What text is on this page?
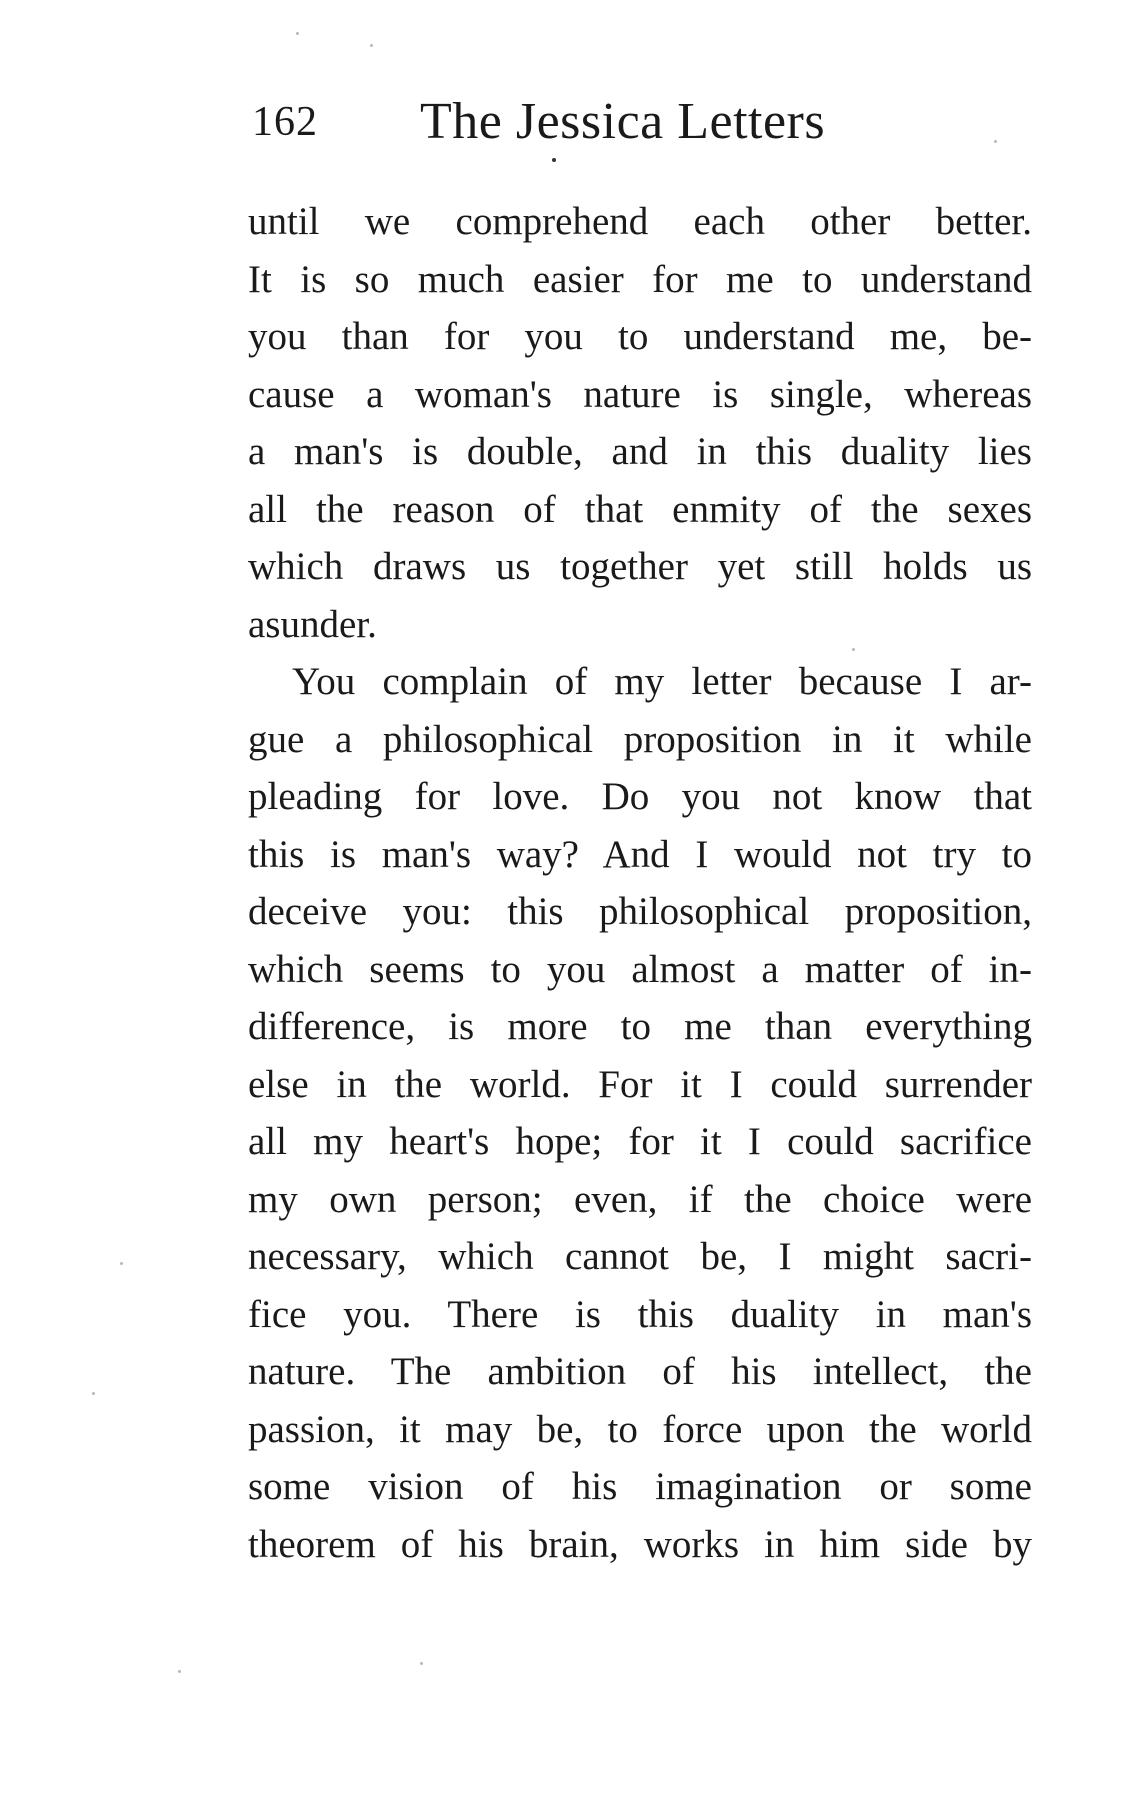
162 The Jessica Letters
until we comprehend each other better.
It is so much easier for me to understand
you than for you to understand me, be-
cause a woman's nature is single, whereas
a man's is double, and in this duality lies
all the reason of that enmity of the sexes
which draws us together yet still holds us
asunder.
You complain of my letter because I ar-
gue a philosophical proposition in it while
pleading for love. Do you not know that
this is man's way? And I would not try to
deceive you: this philosophical proposition,
which seems to you almost a matter of in-
difference, is more to me than everything
else in the world. For it I could surrender
all my heart's hope; for it I could sacrifice
my own person; even, if the choice were
necessary, which cannot be, I might sacri-
fice you. There is this duality in man's
nature. The ambition of his intellect, the
passion, it may be, to force upon the world
some vision of his imagination or some
theorem of his brain, works in him side by
